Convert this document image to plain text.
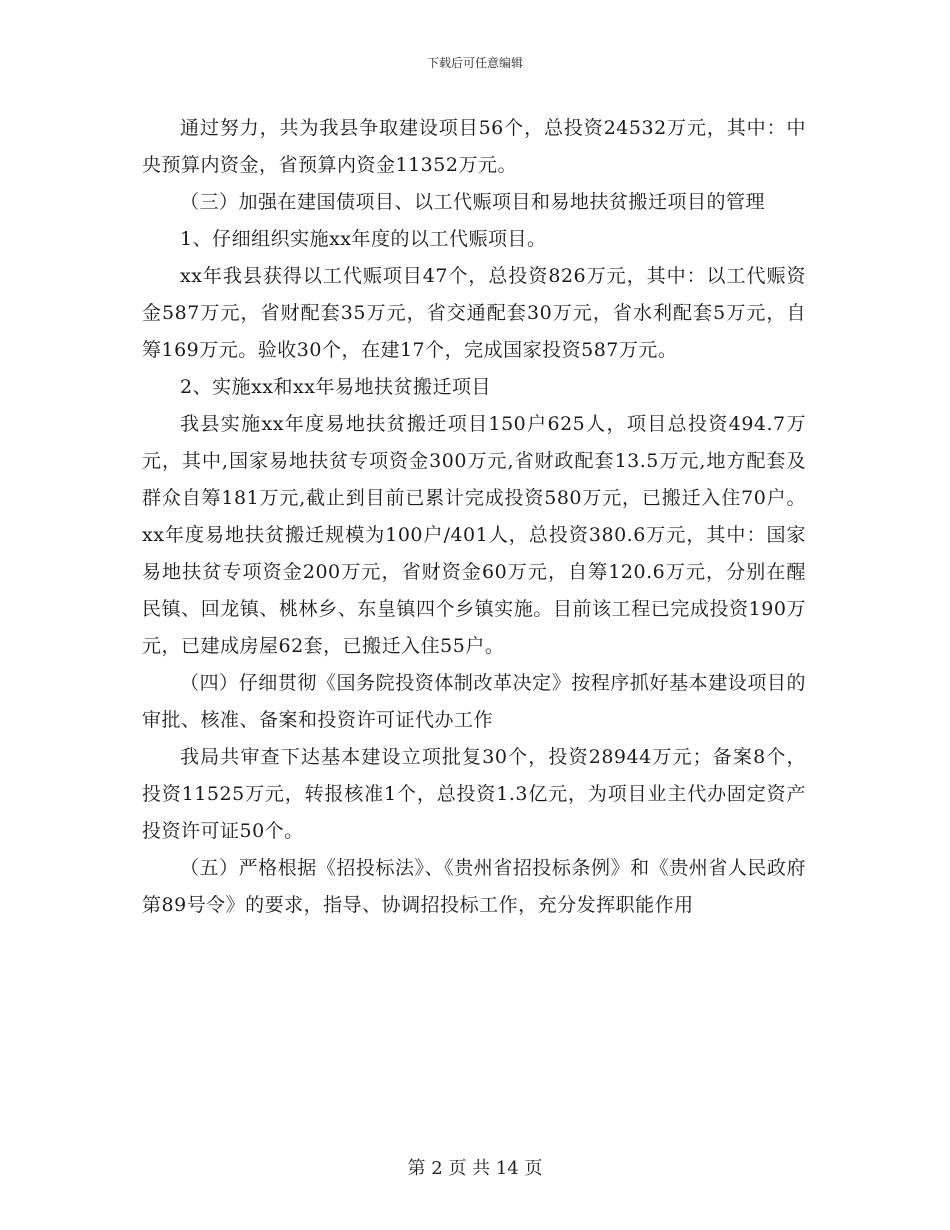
下载后可任意编辑

通过努力，共为我县争取建设项目56个，总投资24532万元，其中：中央预算内资金，省预算内资金11352万元。

（三）加强在建国债项目、以工代赈项目和易地扶贫搬迁项目的管理

1、仔细组织实施xx年度的以工代赈项目。

xx年我县获得以工代赈项目47个，总投资826万元，其中：以工代赈资金587万元，省财配套35万元，省交通配套30万元，省水利配套5万元，自筹169万元。验收30个，在建17个，完成国家投资587万元。

2、实施xx和xx年易地扶贫搬迁项目

我县实施xx年度易地扶贫搬迁项目150户625人，项目总投资494.7万元，其中,国家易地扶贫专项资金300万元,省财政配套13.5万元,地方配套及群众自筹181万元,截止到目前已累计完成投资580万元，已搬迁入住70户。xx年度易地扶贫搬迁规模为100户/401人，总投资380.6万元，其中：国家易地扶贫专项资金200万元，省财资金60万元，自筹120.6万元，分别在醒民镇、回龙镇、桃林乡、东皇镇四个乡镇实施。目前该工程已完成投资190万元，已建成房屋62套，已搬迁入住55户。

（四）仔细贯彻《国务院投资体制改革决定》按程序抓好基本建设项目的审批、核准、备案和投资许可证代办工作

我局共审查下达基本建设立项批复30个，投资28944万元；备案8个，投资11525万元，转报核准1个，总投资1.3亿元，为项目业主代办固定资产投资许可证50个。

（五）严格根据《招投标法》、《贵州省招投标条例》和《贵州省人民政府第89号令》的要求，指导、协调招投标工作，充分发挥职能作用

第 2 页 共 14 页
